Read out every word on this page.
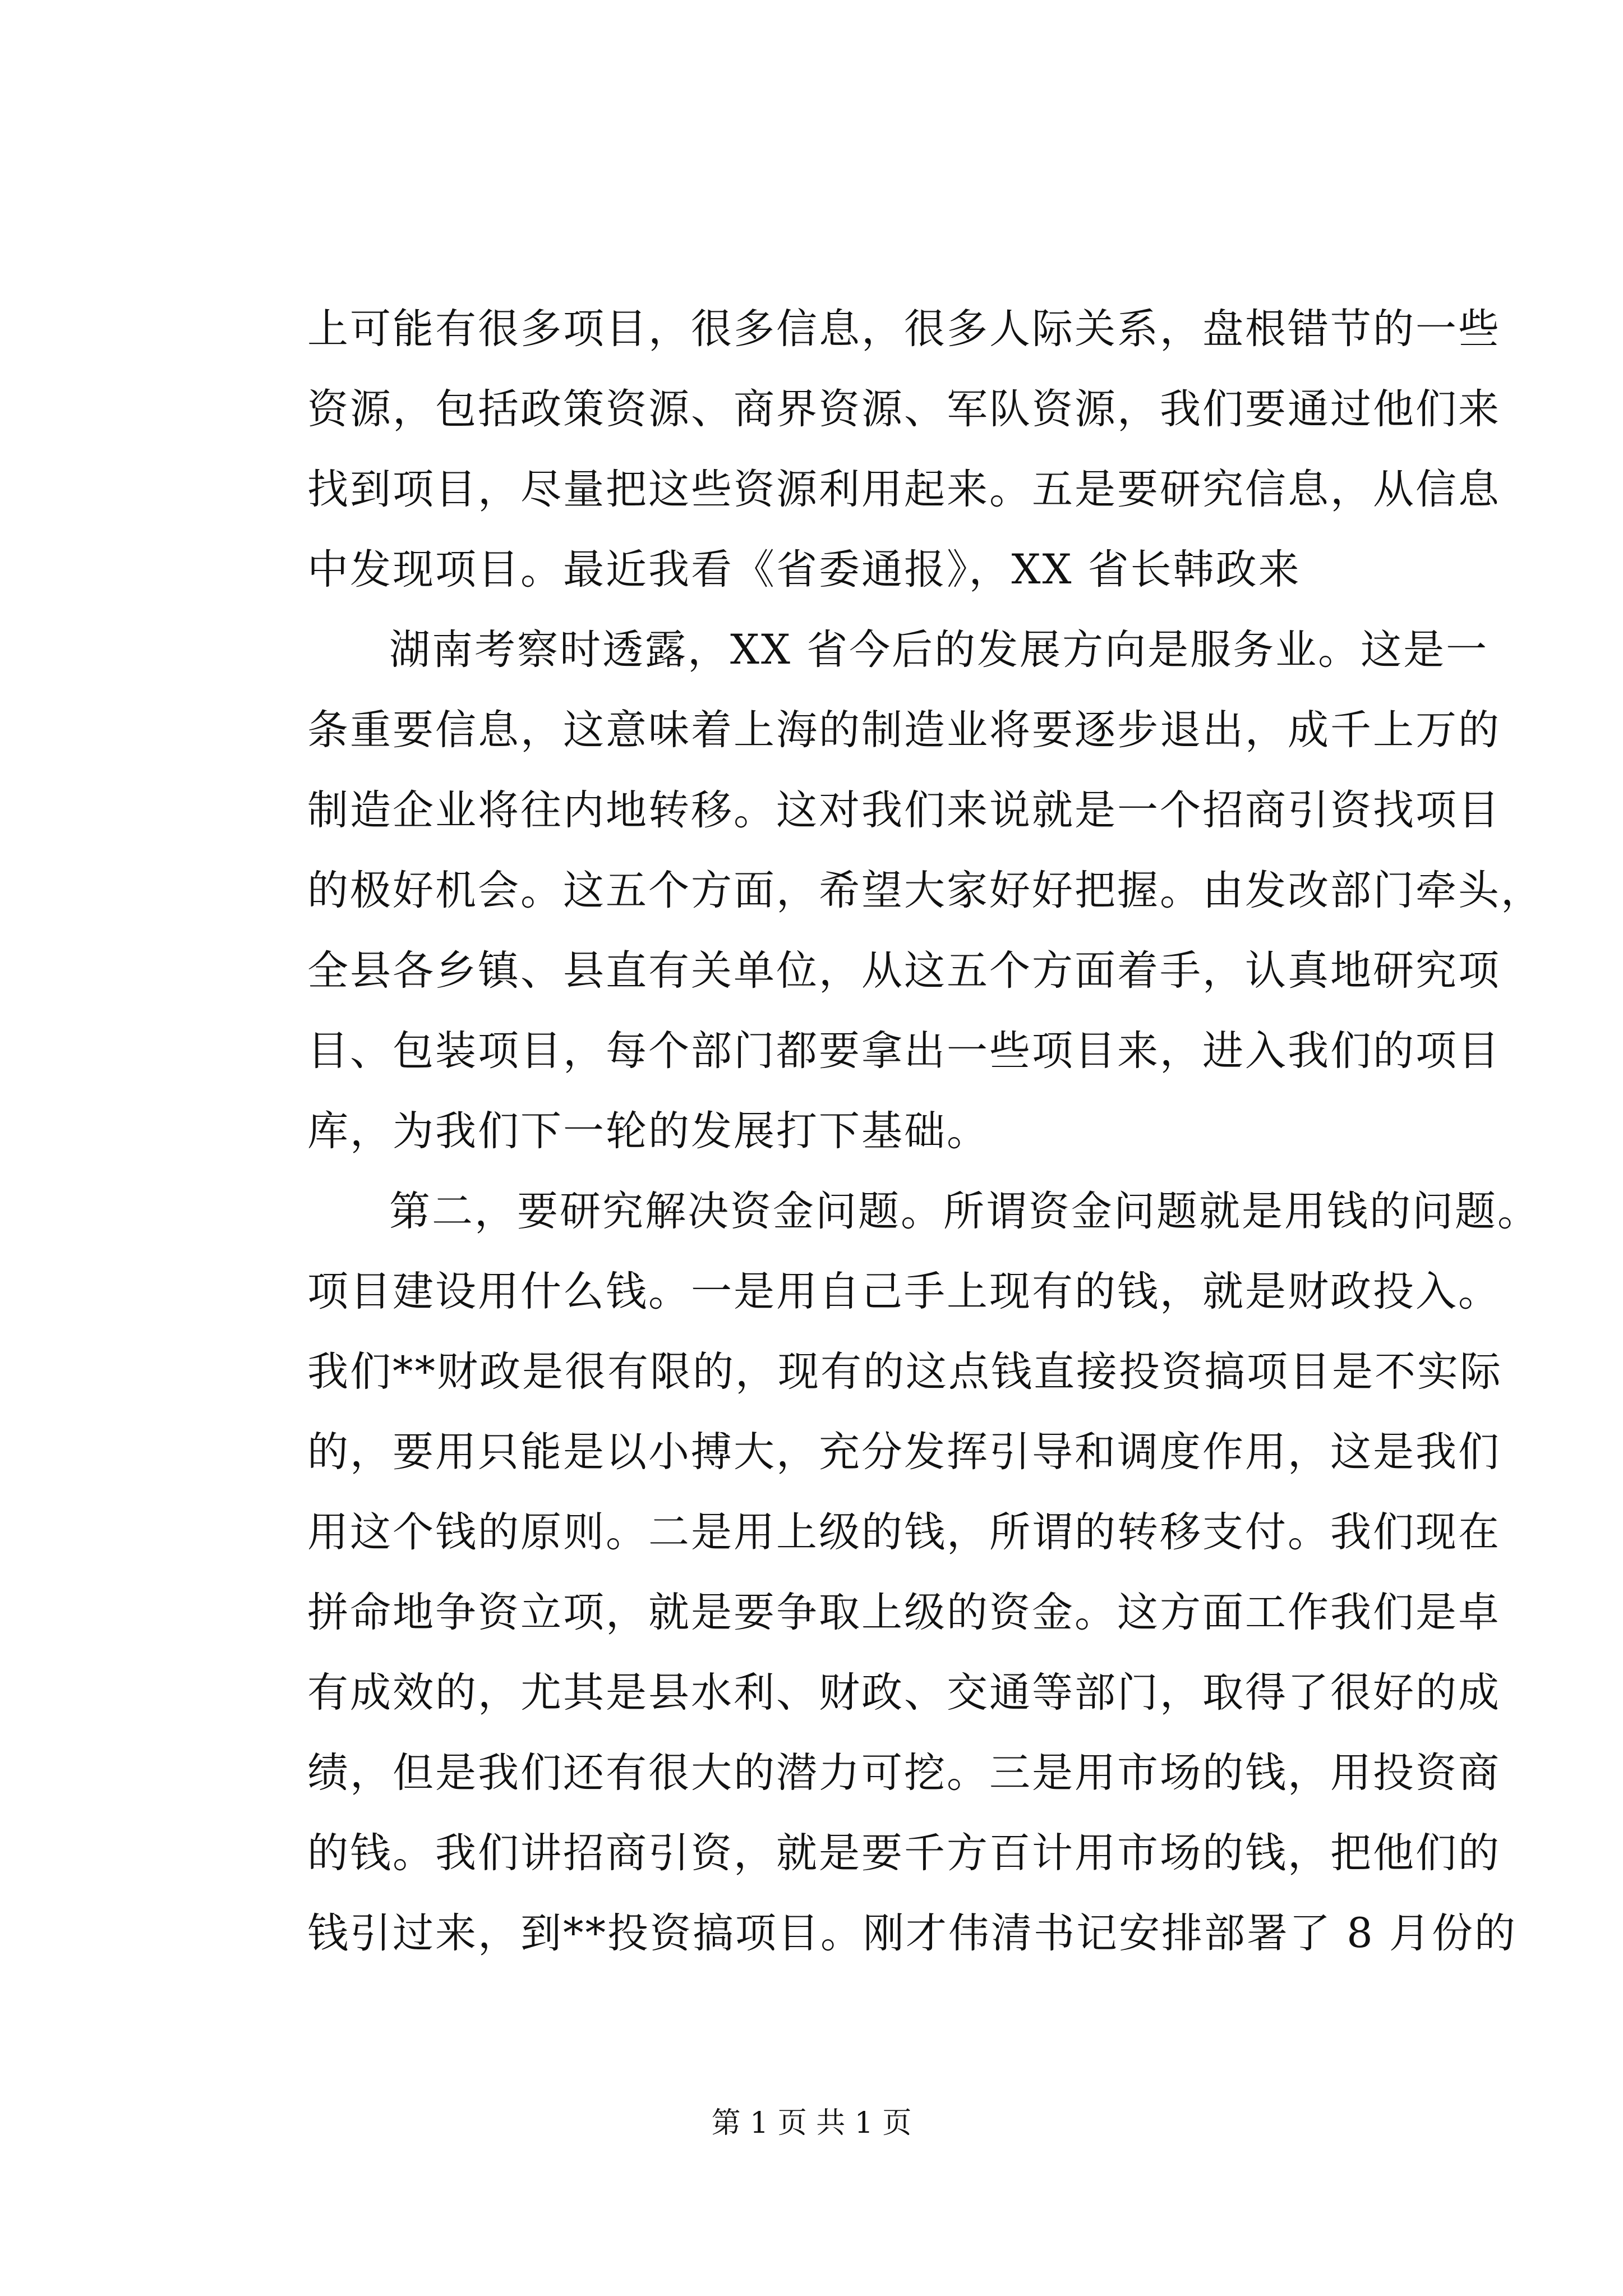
上可能有很多项目，很多信息，很多人际关系，盘根错节的一些
资源，包括政策资源、商界资源、军队资源，我们要通过他们来
找到项目，尽量把这些资源利用起来。五是要研究信息，从信息
中发现项目。最近我看《省委通报》，XX 省长韩政来
湖南考察时透露，XX 省今后的发展方向是服务业。这是一
条重要信息，这意味着上海的制造业将要逐步退出，成千上万的
制造企业将往内地转移。这对我们来说就是一个招商引资找项目
的极好机会。这五个方面，希望大家好好把握。由发改部门牵头，
全县各乡镇、县直有关单位，从这五个方面着手，认真地研究项
目、包装项目，每个部门都要拿出一些项目来，进入我们的项目
库，为我们下一轮的发展打下基础。
第二，要研究解决资金问题。所谓资金问题就是用钱的问题。
项目建设用什么钱。一是用自己手上现有的钱，就是财政投入。
我们**财政是很有限的，现有的这点钱直接投资搞项目是不实际
的，要用只能是以小搏大，充分发挥引导和调度作用，这是我们
用这个钱的原则。二是用上级的钱，所谓的转移支付。我们现在
拼命地争资立项，就是要争取上级的资金。这方面工作我们是卓
有成效的，尤其是县水利、财政、交通等部门，取得了很好的成
绩，但是我们还有很大的潜力可挖。三是用市场的钱，用投资商
的钱。我们讲招商引资，就是要千方百计用市场的钱，把他们的
钱引过来，到**投资搞项目。刚才伟清书记安排部署了 8 月份的
第 1 页 共 1 页
